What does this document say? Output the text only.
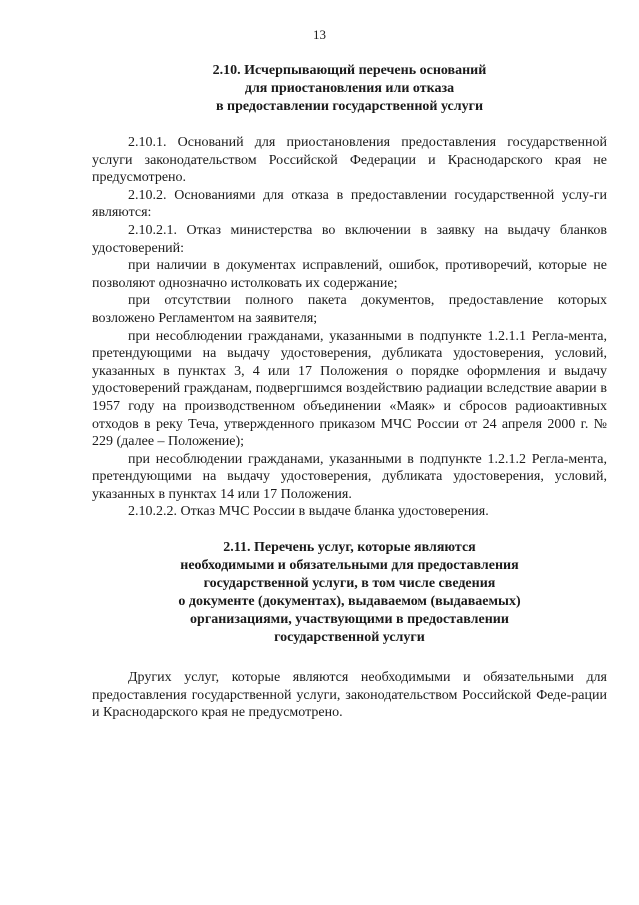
13
2.10. Исчерпывающий перечень оснований
для приостановления или отказа
в предоставлении государственной услуги

2.10.1. Оснований для приостановления предоставления государственной услуги законодательством Российской Федерации и Краснодарского края не предусмотрено.

2.10.2. Основаниями для отказа в предоставлении государственной услу-ги являются:

2.10.2.1. Отказ министерства во включении в заявку на выдачу бланков удостоверений:

при наличии в документах исправлений, ошибок, противоречий, которые не позволяют однозначно истолковать их содержание;

при отсутствии полного пакета документов, предоставление которых возложено Регламентом на заявителя;

при несоблюдении гражданами, указанными в подпункте 1.2.1.1 Регла-мента, претендующими на выдачу удостоверения, дубликата удостоверения, условий, указанных в пунктах 3, 4 или 17 Положения о порядке оформления и выдачу удостоверений гражданам, подвергшимся воздействию радиации вследствие аварии в 1957 году на производственном объединении «Маяк» и сбросов радиоактивных отходов в реку Теча, утвержденного приказом МЧС России от 24 апреля 2000 г. № 229 (далее – Положение);

при несоблюдении гражданами, указанными в подпункте 1.2.1.2 Регла-мента, претендующими на выдачу удостоверения, дубликата удостоверения, условий, указанных в пунктах 14 или 17 Положения.

2.10.2.2. Отказ МЧС России в выдаче бланка удостоверения.

2.11. Перечень услуг, которые являются
необходимыми и обязательными для предоставления
государственной услуги, в том числе сведения
о документе (документах), выдаваемом (выдаваемых)
организациями, участвующими в предоставлении
государственной услуги

Других услуг, которые являются необходимыми и обязательными для предоставления государственной услуги, законодательством Российской Феде-рации и Краснодарского края не предусмотрено.
